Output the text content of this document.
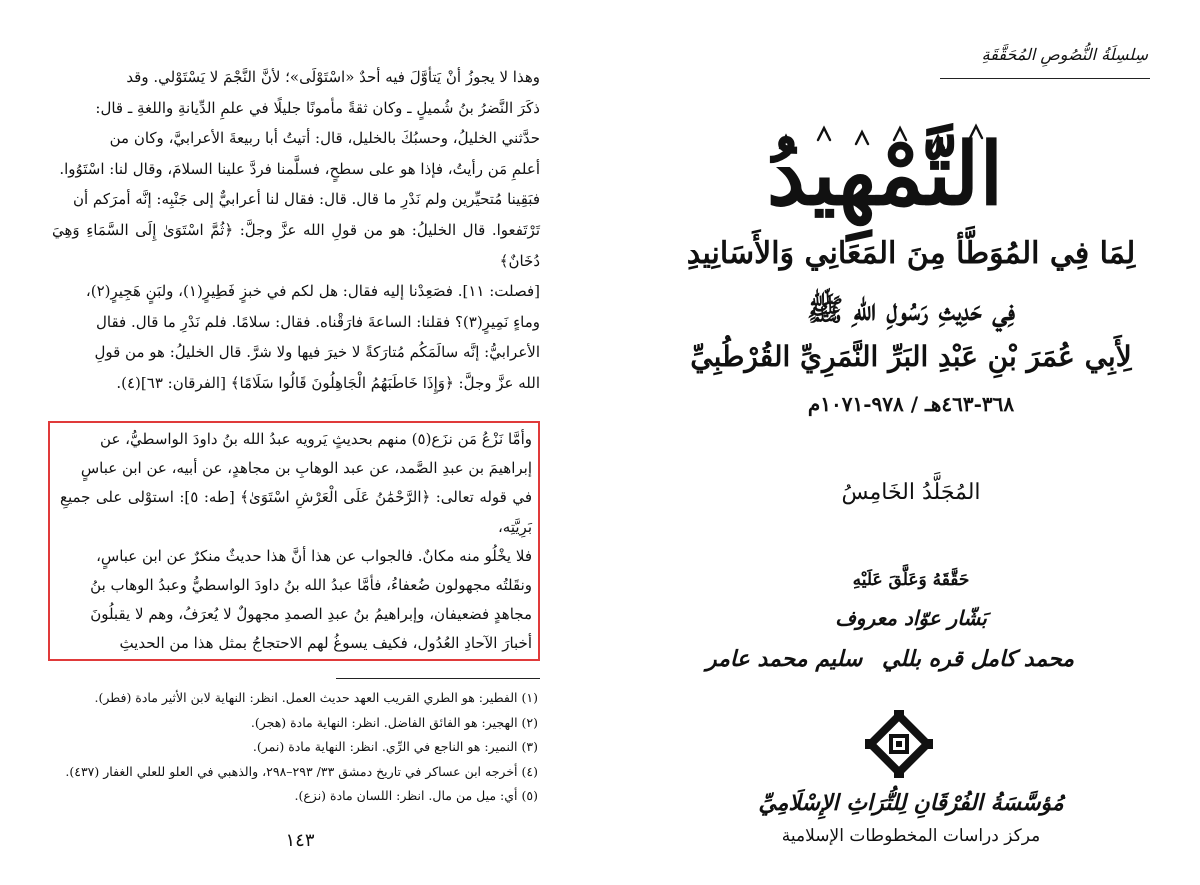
وهذا لا يجوزُ أنْ يَتأوَّلَ فيه أحدٌ «اسْتَوْلَى»؛ لأنَّ النَّجْمَ لا يَسْتَوْلي. وقد

ذكَرَ النَّضرُ بنُ شُميلٍ ـ وكان ثقةً مأمونًا جليلًا في علمِ الدِّيانةِ واللغةِ ـ قال:

حدَّثني الخليلُ، وحسبُكَ بالخليل، قال: أتيتُ أبا ربيعةَ الأعرابيَّ، وكان من

أعلمِ مَن رأيتُ، فإذا هو على سطحٍ، فسلَّمنا فردَّ علينا السلامَ، وقال لنا: اسْتَوُوا.

فبَقِينا مُتحيِّرين ولم نَدْرِ ما قال. قال: فقال لنا أعرابيٌّ إلى جَنْبِه: إنَّه أمرَكم أن

تَرْتَفعوا. قال الخليلُ: هو من قولِ الله عزَّ وجلَّ: ﴿ثُمَّ اسْتَوَىٰ إِلَى السَّمَاءِ وَهِيَ دُخَانٌ﴾

[فصلت: ١١]. فصَعِدْنا إليه فقال: هل لكم في خبزٍ فَطِيرٍ(١)، ولبَنٍ هَجِيرٍ(٢)،

وماءٍ نَمِيرٍ(٣)؟ فقلنا: الساعةَ فارَقْناه. فقال: سلامًا. فلم نَدْرِ ما قال. فقال

الأعرابيُّ: إنَّه سالَمَكُم مُتارَكةً لا خيرَ فيها ولا شرَّ. قال الخليلُ: هو من قولِ

الله عزَّ وجلَّ: ﴿وَإِذَا خَاطَبَهُمُ الْجَاهِلُونَ قَالُوا سَلَامًا﴾ [الفرقان: ٦٣](٤).

وأمَّا نَزْعُ مَن نزَع(٥) منهم بحديثٍ يَرويه عبدُ الله بنُ داودَ الواسطيُّ، عن

إبراهيمَ بن عبدِ الصَّمد، عن عبد الوهابِ بن مجاهدٍ، عن أبيه، عن ابن عباسٍ

في قوله تعالى: ﴿الرَّحْمَٰنُ عَلَى الْعَرْشِ اسْتَوَىٰ﴾ [طه: ٥]: استوْلى على جميعِ بَرِيَّتِه،

فلا يخْلُو منه مكانٌ. فالجواب عن هذا أنَّ هذا حديثٌ منكرٌ عن ابن عباسٍ،

ونقَلتُه مجهولون ضُعفاءُ، فأمَّا عبدُ الله بنُ داودَ الواسطيُّ وعبدُ الوهاب بنُ

مجاهدٍ فضعيفان، وإبراهيمُ بنُ عبدِ الصمدِ مجهولٌ لا يُعرَفُ، وهم لا يقبلُونَ

أخبارَ الآحادِ العُدُول، فكيف يسوغُ لهم الاحتجاجُ بمثل هذا من الحديثِ

(١) الفطير: هو الطري القريب العهد حديث العمل. انظر: النهاية لابن الأثير مادة (فطر).
(٢) الهجير: هو الفائق الفاضل. انظر: النهاية مادة (هجر).
(٣) النمير: هو الناجع في الرِّي. انظر: النهاية مادة (نمر).
(٤) أخرجه ابن عساكر في تاريخ دمشق ٣٣/ ٢٩٣–٢٩٨، والذهبي في العلو للعلي الغفار (٤٣٧).
(٥) أي: ميل من مال. انظر: اللسان مادة (نزع).
١٤٣
سِلسِلَةُ النُّصُوصِ المُحَقَّقَةِ
التَّمْهِيدُ
لِمَا فِي المُوَطَّأ مِنَ المَعَانِي وَالأَسَانِيدِ
فِي حَدِيثِ رَسُولِ اللهِ ﷺ
لِأَبِي عُمَرَ بْنِ عَبْدِ البَرِّ النَّمَرِيِّ القُرْطُبِيِّ
٣٦٨-٤٦٣هـ / ٩٧٨-١٠٧١م
المُجَلَّدُ الخَامِسُ
حَقَّقَهُ وَعَلَّقَ عَلَيْهِ
بَشّار عوّاد معروف
محمد كامل قره بللي
سليم محمد عامر
مُؤسَّسَةُ الفُرْقَانِ لِلتُّرَاثِ الإِسْلَامِيِّ
مركز دراسات المخطوطات الإسلامية
